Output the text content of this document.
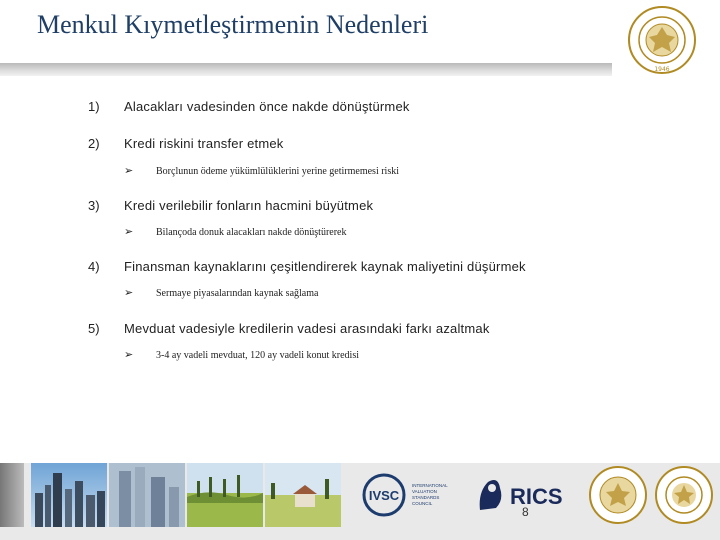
Menkul Kıymetleştirmenin Nedenleri
1946
1) Alacakları vadesinden önce nakde dönüştürmek
2) Kredi riskini transfer etmek
➢ Borçlunun ödeme yükümlülüklerini yerine getirmemesi riski
3) Kredi verilebilir fonların hacmini büyütmek
➢ Bilançoda donuk alacakları nakde dönüştürerek
4) Finansman kaynaklarını çeşitlendirerek kaynak maliyetini düşürmek
➢ Sermaye piyasalarından kaynak sağlama
5) Mevduat vadesiyle kredilerin vadesi arasındaki farkı azaltmak
➢ 3-4 ay vadeli mevduat, 120 ay vadeli konut kredisi
IVSC
INTERNATIONAL
VALUATION
STANDARDS
COUNCIL	RICS
8
